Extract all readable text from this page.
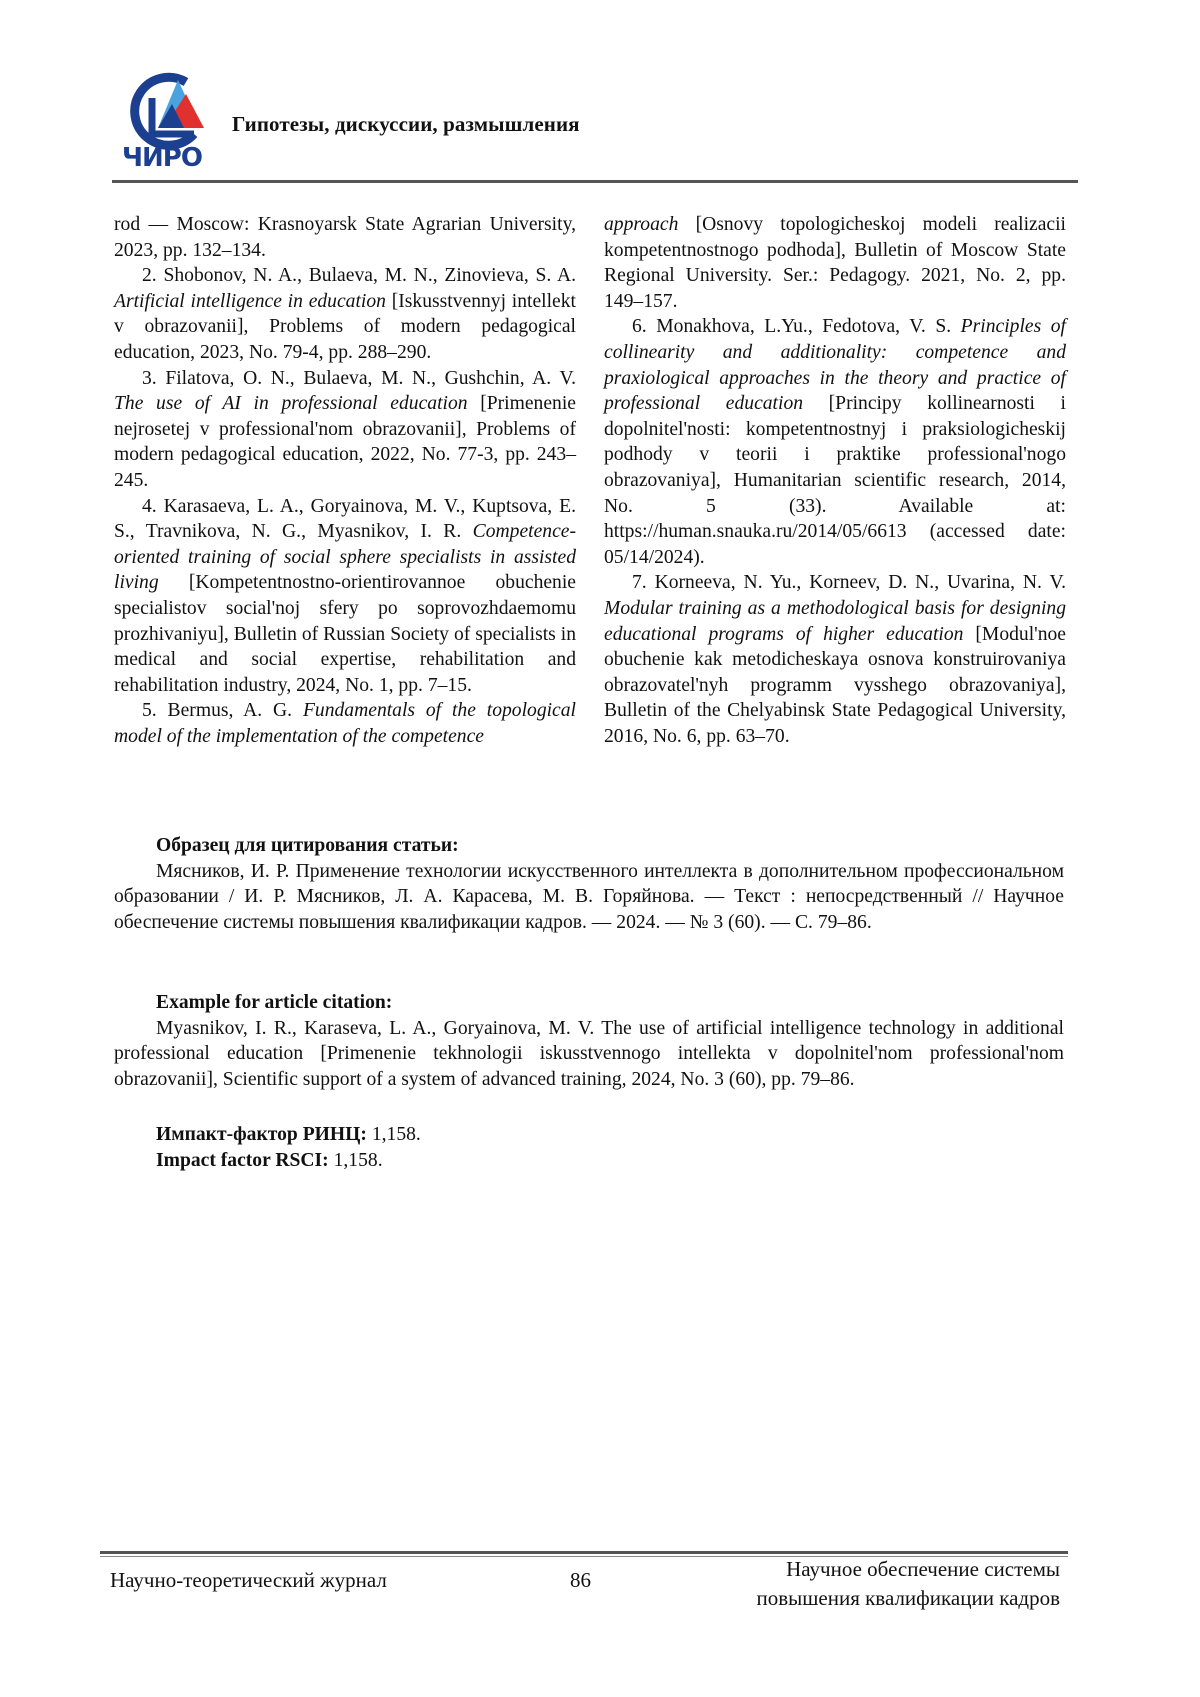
ЧИРО
Гипотезы, дискуссии, размышления

rod — Moscow: Krasnoyarsk State Agrarian University, 2023, pp. 132–134.

2. Shobonov, N. A., Bulaeva, M. N., Zinovieva, S. A. Artificial intelligence in education [Iskusstvennyj intellekt v obrazovanii], Problems of modern pedagogical education, 2023, No. 79-4, pp. 288–290.

3. Filatova, O. N., Bulaeva, M. N., Gushchin, A. V. The use of AI in professional education [Primenenie nejrosetej v professional'nom obrazovanii], Problems of modern pedagogical education, 2022, No. 77-3, pp. 243–245.

4. Karasaeva, L. A., Goryainova, M. V., Kuptsova, E. S., Travnikova, N. G., Myasnikov, I. R. Competence-oriented training of social sphere specialists in assisted living [Kompetentnostno-orientirovannoe obuchenie specialistov social'noj sfery po soprovozhdaemomu prozhivaniyu], Bulletin of Russian Society of specialists in medical and social expertise, rehabilitation and rehabilitation industry, 2024, No. 1, pp. 7–15.

5. Bermus, A. G. Fundamentals of the topological model of the implementation of the competence

approach [Osnovy topologicheskoj modeli realizacii kompetentnostnogo podhoda], Bulletin of Moscow State Regional University. Ser.: Pedagogy. 2021, No. 2, pp. 149–157.

6. Monakhova, L.Yu., Fedotova, V. S. Principles of collinearity and additionality: competence and praxiological approaches in the theory and practice of professional education [Principy kollinearnosti i dopolnitel'nosti: kompetentnostnyj i praksiologicheskij podhody v teorii i praktike professional'nogo obrazovaniya], Humanitarian scientific research, 2014, No. 5 (33). Available at: https://human.snauka.ru/2014/05/6613 (accessed date: 05/14/2024).

7. Korneeva, N. Yu., Korneev, D. N., Uvarina, N. V. Modular training as a methodological basis for designing educational programs of higher education [Modul'noe obuchenie kak metodicheskaya osnova konstruirovaniya obrazovatel'nyh programm vysshego obrazovaniya], Bulletin of the Chelyabinsk State Pedagogical University, 2016, No. 6, pp. 63–70.

Образец для цитирования статьи:

Мясников, И. Р. Применение технологии искусственного интеллекта в дополнительном профессиональном образовании / И. Р. Мясников, Л. А. Карасева, М. В. Горяйнова. — Текст : непосредственный // Научное обеспечение системы повышения квалификации кадров. — 2024. — № 3 (60). — С. 79–86.

Example for article citation:

Myasnikov, I. R., Karaseva, L. A., Goryainova, M. V. The use of artificial intelligence technology in additional professional education [Primenenie tekhnologii iskusstvennogo intellekta v dopolnitel'nom professional'nom obrazovanii], Scientific support of a system of advanced training, 2024, No. 3 (60), pp. 79–86.

Импакт-фактор РИНЦ: 1,158.
Impact factor RSCI: 1,158.
Научно-теоретический журнал	86	Научное обеспечение системы
повышения квалификации кадров
